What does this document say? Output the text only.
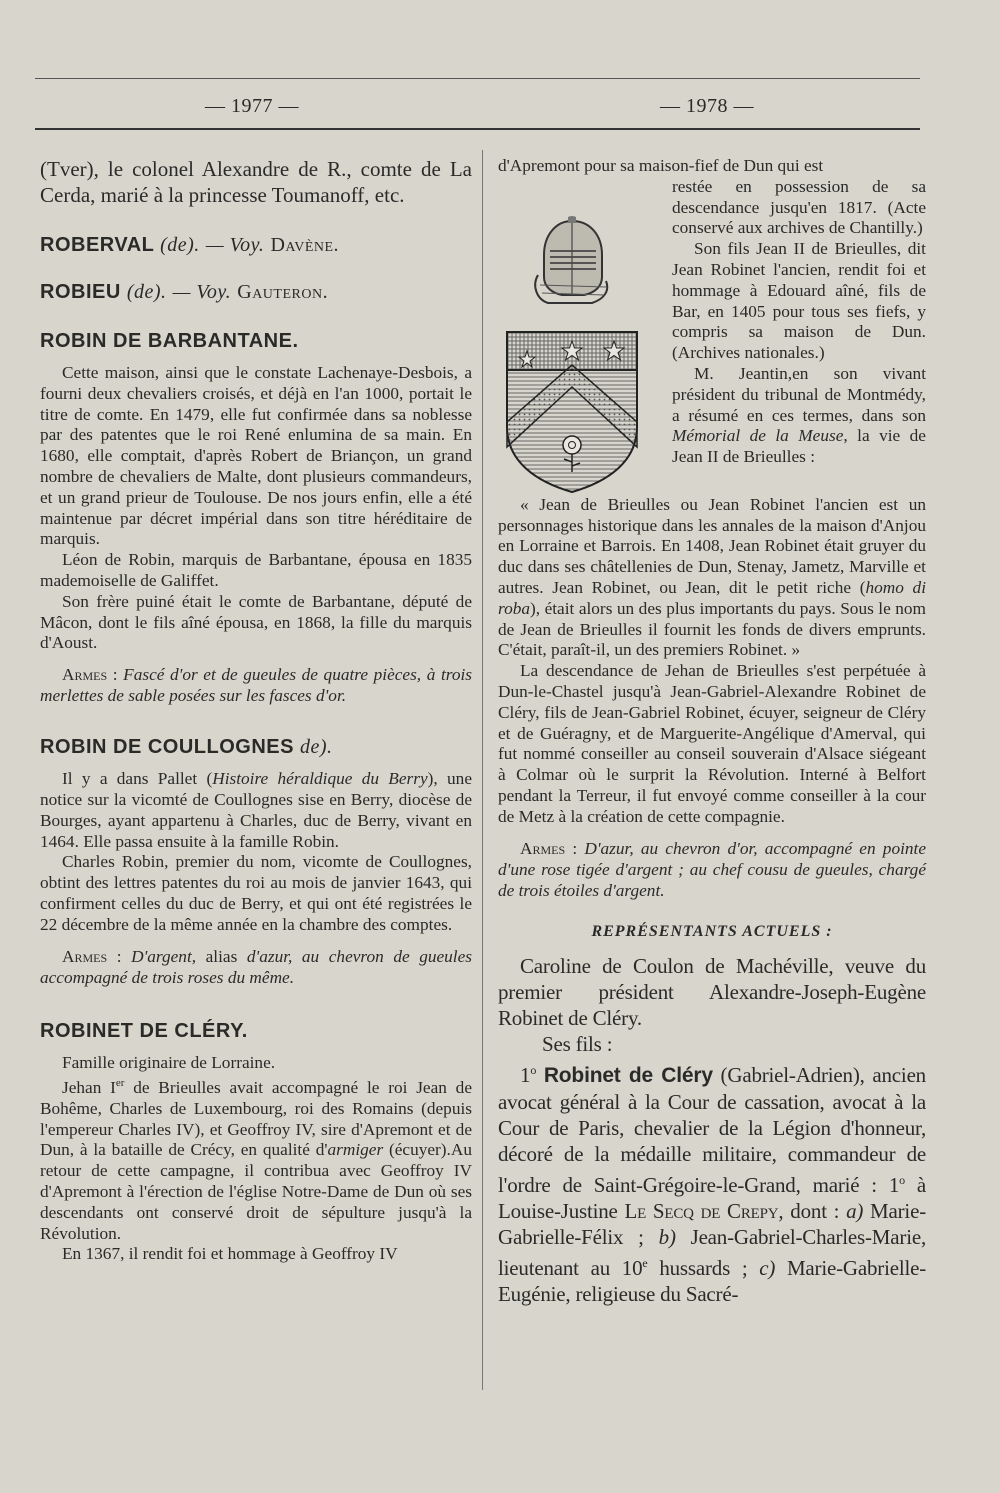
— 1977 —	— 1978 —

(Tver), le colonel Alexandre de R., comte de La Cerda, marié à la princesse Toumanoff, etc.

ROBERVAL (de). — Voy. Davène.
ROBIEU (de). — Voy. Gauteron.
ROBIN DE BARBANTANE.

Cette maison, ainsi que le constate Lachenaye-Desbois, a fourni deux chevaliers croisés, et déjà en l'an 1000, portait le titre de comte. En 1479, elle fut confirmée dans sa noblesse par des patentes que le roi René enlumina de sa main. En 1680, elle comptait, d'après Robert de Briançon, un grand nombre de chevaliers de Malte, dont plusieurs commandeurs, et un grand prieur de Toulouse. De nos jours enfin, elle a été maintenue par décret impérial dans son titre héréditaire de marquis.

Léon de Robin, marquis de Barbantane, épousa en 1835 mademoiselle de Galiffet.

Son frère puiné était le comte de Barbantane, député de Mâcon, dont le fils aîné épousa, en 1868, la fille du marquis d'Aoust.

Armes : Fascé d'or et de gueules de quatre pièces, à trois merlettes de sable posées sur les fasces d'or.

ROBIN DE COULLOGNES de).

Il y a dans Pallet (Histoire héraldique du Berry), une notice sur la vicomté de Coullognes sise en Berry, diocèse de Bourges, ayant appartenu à Charles, duc de Berry, vivant en 1464. Elle passa ensuite à la famille Robin.

Charles Robin, premier du nom, vicomte de Coullognes, obtint des lettres patentes du roi au mois de janvier 1643, qui confirment celles du duc de Berry, et qui ont été registrées le 22 décembre de la même année en la chambre des comptes.

Armes : D'argent, alias d'azur, au chevron de gueules accompagné de trois roses du même.

ROBINET DE CLÉRY.

Famille originaire de Lorraine.

Jehan Ier de Brieulles avait accompagné le roi Jean de Bohême, Charles de Luxembourg, roi des Romains (depuis l'empereur Charles IV), et Geoffroy IV, sire d'Apremont et de Dun, à la bataille de Crécy, en qualité d'armiger (écuyer).Au retour de cette campagne, il contribua avec Geoffroy IV d'Apremont à l'érection de l'église Notre-Dame de Dun où ses descendants ont conservé droit de sépulture jusqu'à la Révolution.

En 1367, il rendit foi et hommage à Geoffroy IV

d'Apremont pour sa maison-fief de Dun qui est

restée en possession de sa descendance jusqu'en 1817. (Acte conservé aux archives de Chantilly.)

Son fils Jean II de Brieulles, dit Jean Robinet l'ancien, rendit foi et hommage à Edouard aîné, fils de Bar, en 1405 pour tous ses fiefs, y compris sa maison de Dun. (Archives nationales.)

M. Jeantin,en son vivant président du tribunal de Montmédy, a résumé en ces termes, dans son Mémorial de la Meuse, la vie de Jean II de Brieulles :

« Jean de Brieulles ou Jean Robinet l'ancien est un personnages historique dans les annales de la maison d'Anjou en Lorraine et Barrois. En 1408, Jean Robinet était gruyer du duc dans ses châtellenies de Dun, Stenay, Jametz, Marville et autres. Jean Robinet, ou Jean, dit le petit riche (homo di roba), était alors un des plus importants du pays. Sous le nom de Jean de Brieulles il fournit les fonds de divers emprunts. C'était, paraît-il, un des premiers Robinet. »

La descendance de Jehan de Brieulles s'est perpétuée à Dun-le-Chastel jusqu'à Jean-Gabriel-Alexandre Robinet de Cléry, fils de Jean-Gabriel Robinet, écuyer, seigneur de Cléry et de Guéragny, et de Marguerite-Angélique d'Amerval, qui fut nommé conseiller au conseil souverain d'Alsace siégeant à Colmar où le surprit la Révolution. Interné à Belfort pendant la Terreur, il fut envoyé comme conseiller à la cour de Metz à la création de cette compagnie.

Armes : D'azur, au chevron d'or, accompagné en pointe d'une rose tigée d'argent ; au chef cousu de gueules, chargé de trois étoiles d'argent.

REPRÉSENTANTS ACTUELS :

Caroline de Coulon de Machéville, veuve du premier président Alexandre-Joseph-Eugène Robinet de Cléry.

Ses fils :

1$^o$ Robinet de Cléry (Gabriel-Adrien), ancien avocat général à la Cour de cassation, avocat à la Cour de Paris, chevalier de la Légion d'honneur, décoré de la médaille militaire, commandeur de l'ordre de Saint-Grégoire-le-Grand, marié : 1$^o$ à Louise-Justine Le Secq de Crepy, dont : a) Marie-Gabrielle-Félix ; b) Jean-Gabriel-Charles-Marie, lieutenant au 10e hussards ; c) Marie-Gabrielle-Eugénie, religieuse du Sacré-
